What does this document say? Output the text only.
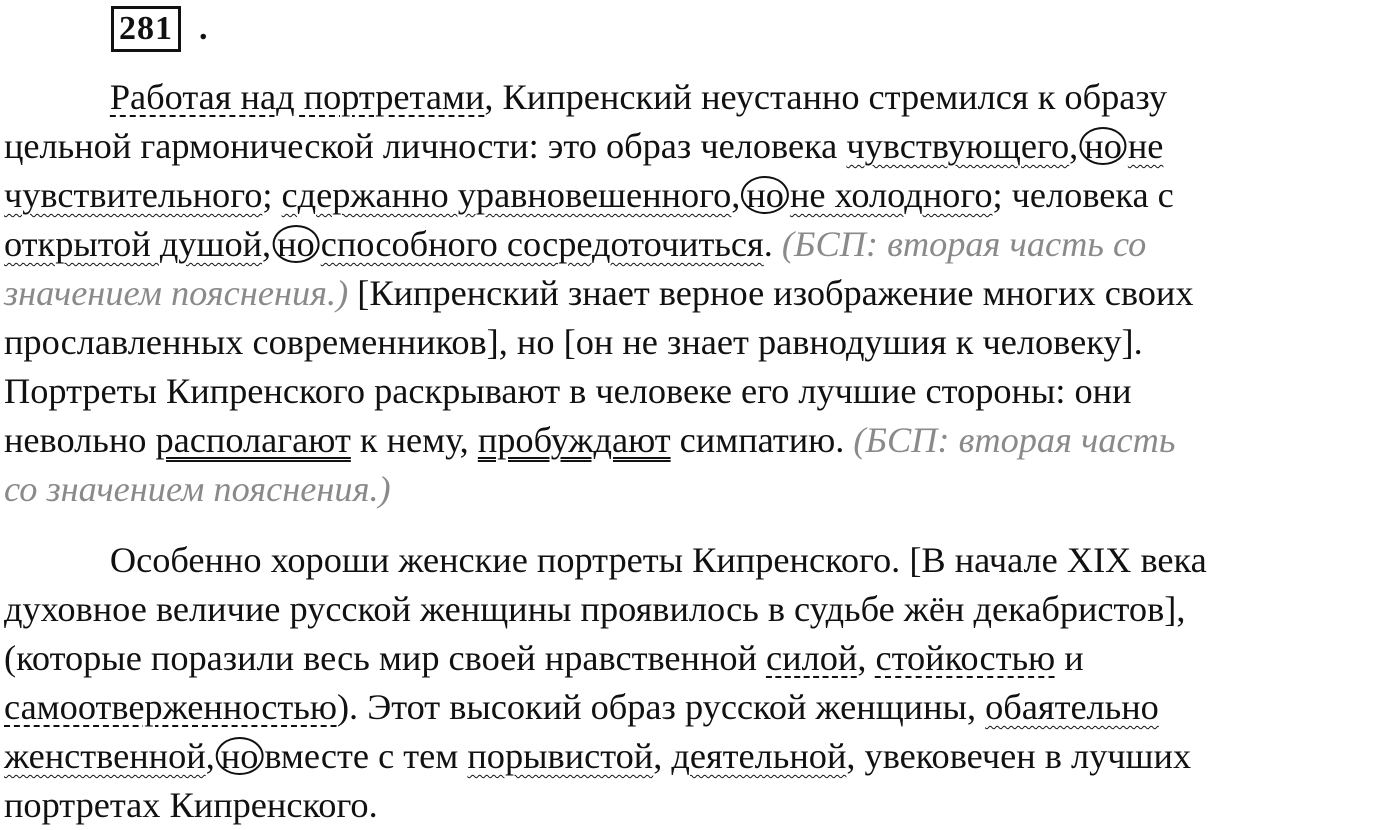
281 .
Работая над портретами, Кипренский неустанно стремился к образу
цельной гармонической личности: это образ человека чувствующего, но не
чувствительного; сдержанно уравновешенного, но не холодного; человека с
открытой душой, но способного сосредоточиться. (БСП: вторая часть со
значением пояснения.) [Кипренский знает верное изображение многих своих
прославленных современников], но [он не знает равнодушия к человеку].
Портреты Кипренского раскрывают в человеке его лучшие стороны: они
невольно располагают к нему, пробуждают симпатию. (БСП: вторая часть
со значением пояснения.)
Особенно хороши женские портреты Кипренского. [В начале XIX века
духовное величие русской женщины проявилось в судьбе жён декабристов],
(которые поразили весь мир своей нравственной силой, стойкостью и
самоотверженностью). Этот высокий образ русской женщины, обаятельно
женственной, но вместе с тем порывистой, деятельной, увековечен в лучших
портретах Кипренского.
